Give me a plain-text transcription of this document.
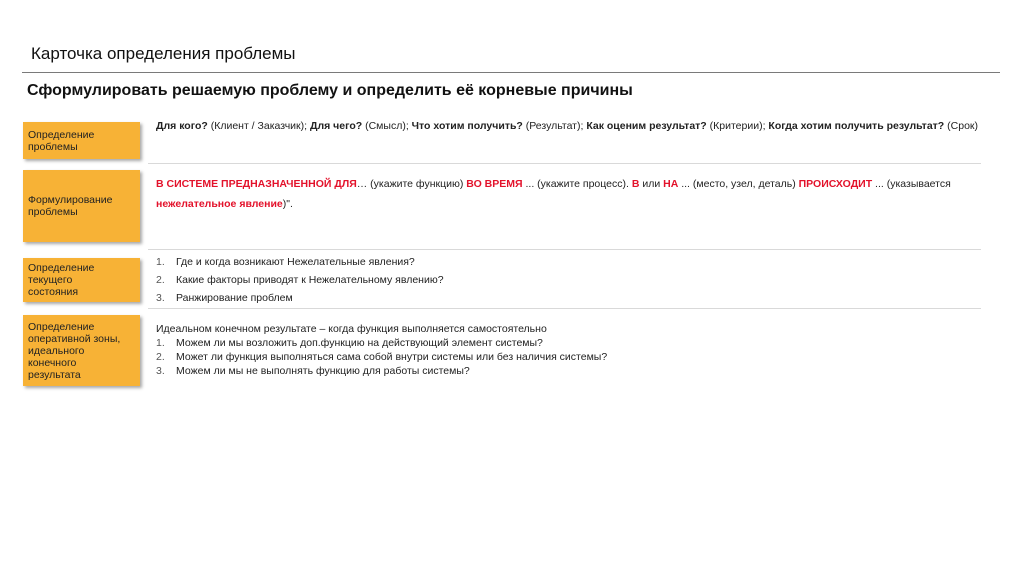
Карточка определения проблемы
Сформулировать решаемую проблему и определить её корневые причины
Определение
проблемы
Для кого? (Клиент / Заказчик); Для чего? (Смысл); Что хотим получить? (Результат); Как оценим результат? (Критерии); Когда хотим получить результат? (Срок)
Формулирование
проблемы
В СИСТЕМЕ ПРЕДНАЗНАЧЕННОЙ ДЛЯ… (укажите функцию) ВО ВРЕМЯ ... (укажите процесс). В или НА ... (место, узел, деталь) ПРОИСХОДИТ ... (указывается нежелательное явление)".
Определение
текущего
состояния
1.	Где и когда возникают Нежелательные явления?
2.	Какие факторы приводят к Нежелательному явлению?
3.	Ранжирование проблем
Определение
оперативной зоны,
идеального
конечного
результата
Идеальном конечном результате – когда функция выполняется самостоятельно
1.	Можем ли мы возложить доп.функцию на действующий элемент системы?
2.	Может ли функция выполняться сама собой внутри системы или без наличия системы?
3.	Можем ли мы не выполнять функцию для работы системы?
